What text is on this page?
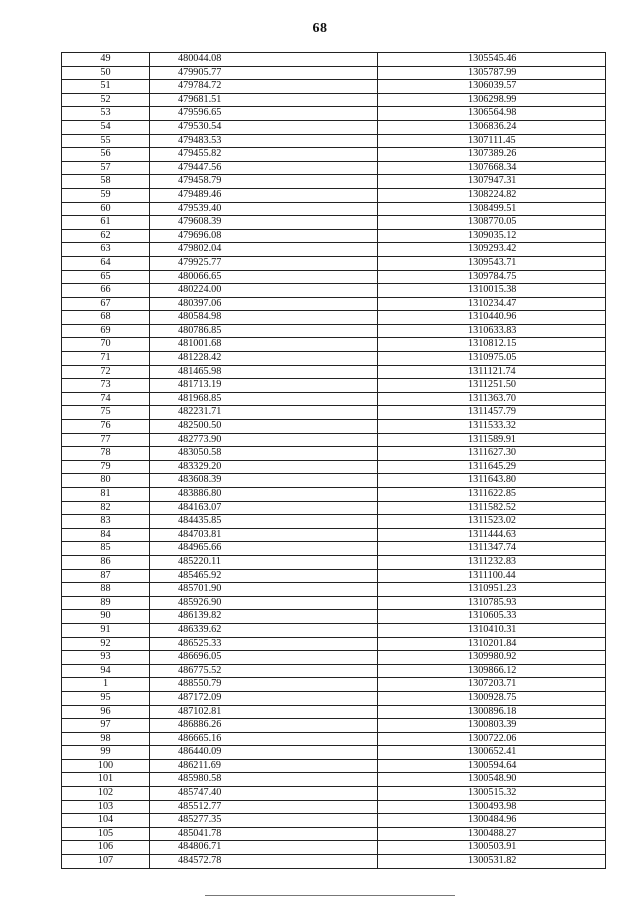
68
49	480044.08	1305545.46
50	479905.77	1305787.99
51	479784.72	1306039.57
52	479681.51	1306298.99
53	479596.65	1306564.98
54	479530.54	1306836.24
55	479483.53	1307111.45
56	479455.82	1307389.26
57	479447.56	1307668.34
58	479458.79	1307947.31
59	479489.46	1308224.82
60	479539.40	1308499.51
61	479608.39	1308770.05
62	479696.08	1309035.12
63	479802.04	1309293.42
64	479925.77	1309543.71
65	480066.65	1309784.75
66	480224.00	1310015.38
67	480397.06	1310234.47
68	480584.98	1310440.96
69	480786.85	1310633.83
70	481001.68	1310812.15
71	481228.42	1310975.05
72	481465.98	1311121.74
73	481713.19	1311251.50
74	481968.85	1311363.70
75	482231.71	1311457.79
76	482500.50	1311533.32
77	482773.90	1311589.91
78	483050.58	1311627.30
79	483329.20	1311645.29
80	483608.39	1311643.80
81	483886.80	1311622.85
82	484163.07	1311582.52
83	484435.85	1311523.02
84	484703.81	1311444.63
85	484965.66	1311347.74
86	485220.11	1311232.83
87	485465.92	1311100.44
88	485701.90	1310951.23
89	485926.90	1310785.93
90	486139.82	1310605.33
91	486339.62	1310410.31
92	486525.33	1310201.84
93	486696.05	1309980.92
94	486775.52	1309866.12
1	488550.79	1307203.71
95	487172.09	1300928.75
96	487102.81	1300896.18
97	486886.26	1300803.39
98	486665.16	1300722.06
99	486440.09	1300652.41
100	486211.69	1300594.64
101	485980.58	1300548.90
102	485747.40	1300515.32
103	485512.77	1300493.98
104	485277.35	1300484.96
105	485041.78	1300488.27
106	484806.71	1300503.91
107	484572.78	1300531.82
